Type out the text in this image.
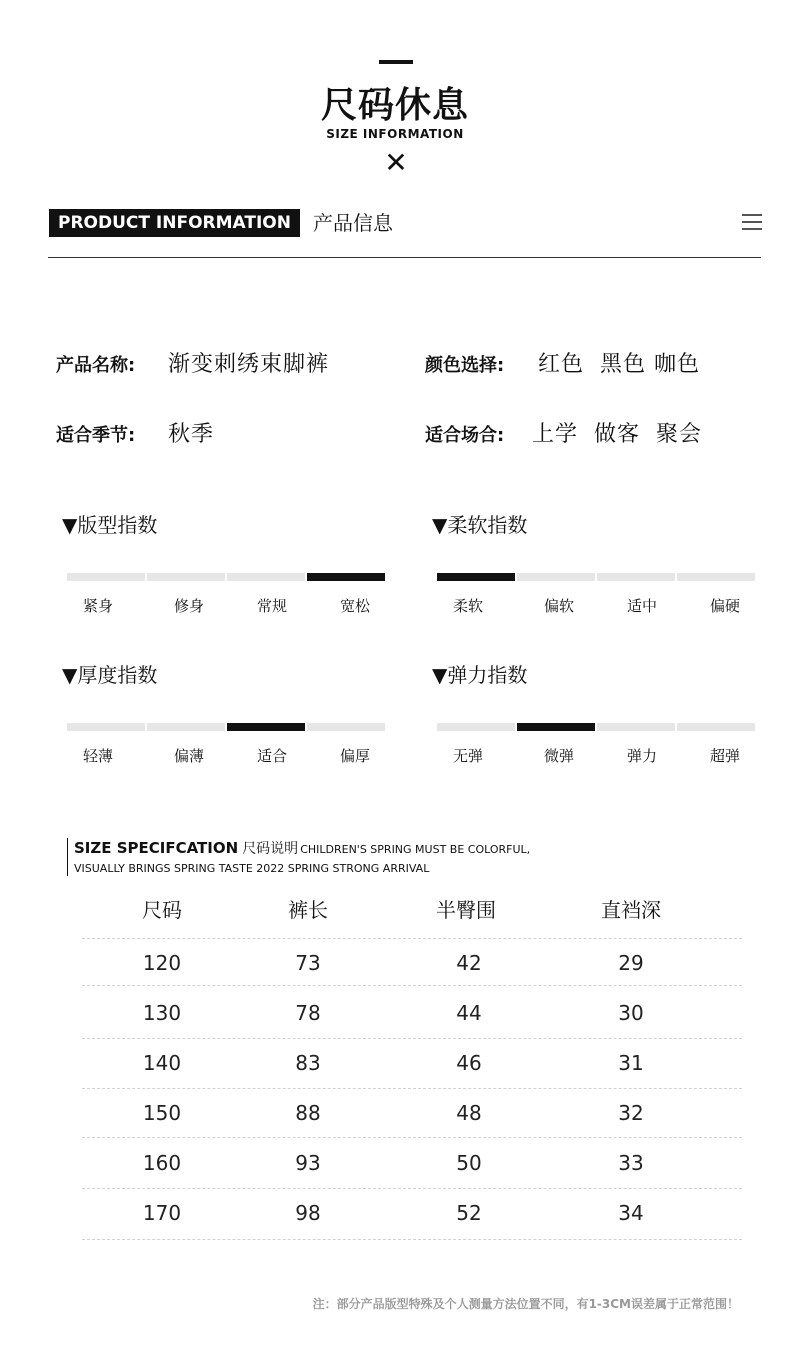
尺码休息
SIZE INFORMATION
✕
PRODUCT INFORMATION	产品信息
产品名称: 渐变刺绣束脚裤	颜色选择: 红色  黑色 咖色
适合季节: 秋季	适合场合: 上学  做客  聚会
▼版型指数
紧身	修身	常规	宽松
▼柔软指数
柔软	偏软	适中	偏硬
▼厚度指数
轻薄	偏薄	适合	偏厚
▼弹力指数
无弹	微弹	弹力	超弹
SIZE SPECIFCATION 尺码说明 CHILDREN'S SPRING MUST BE COLORFUL,
VISUALLY BRINGS SPRING TASTE 2022 SPRING STRONG ARRIVAL
尺码	裤长	半臀围	直裆深
120	73	42	29
130	78	44	30
140	83	46	31
150	88	48	32
160	93	50	33
170	98	52	34
注：部分产品版型特殊及个人测量方法位置不同，有1-3CM误差属于正常范围！
